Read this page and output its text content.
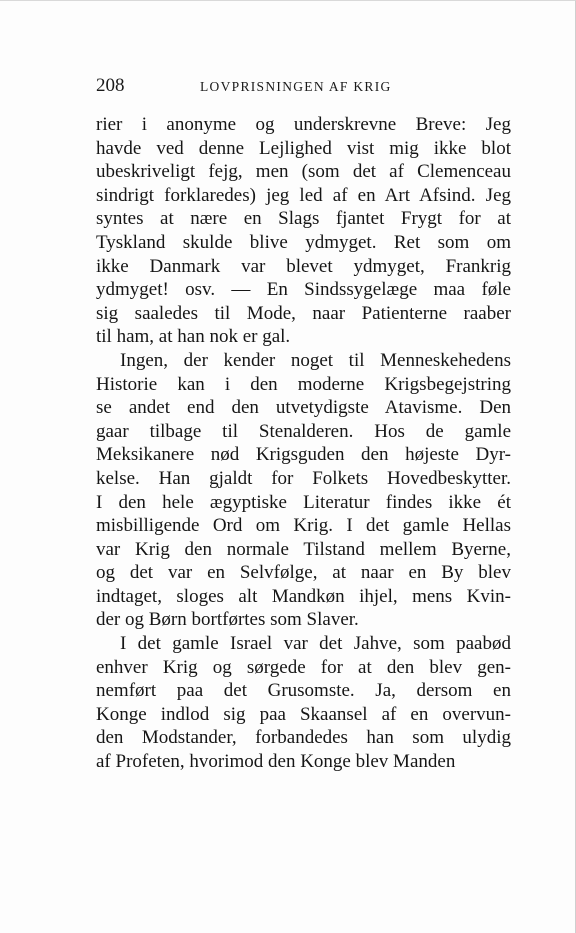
208	LOVPRISNINGEN AF KRIG
rier i anonyme og underskrevne Breve: Jeg
havde ved denne Lejlighed vist mig ikke blot
ubeskriveligt fejg, men (som det af Clemenceau
sindrigt forklaredes) jeg led af en Art Afsind. Jeg
syntes at nære en Slags fjantet Frygt for at
Tyskland skulde blive ydmyget. Ret som om
ikke Danmark var blevet ydmyget, Frankrig
ydmyget! osv. — En Sindssygelæge maa føle
sig saaledes til Mode, naar Patienterne raaber
til ham, at han nok er gal.
Ingen, der kender noget til Menneskehedens
Historie kan i den moderne Krigsbegejstring
se andet end den utvetydigste Atavisme. Den
gaar tilbage til Stenalderen. Hos de gamle
Meksikanere nød Krigsguden den højeste Dyr-
kelse. Han gjaldt for Folkets Hovedbeskytter.
I den hele ægyptiske Literatur findes ikke ét
misbilligende Ord om Krig. I det gamle Hellas
var Krig den normale Tilstand mellem Byerne,
og det var en Selvfølge, at naar en By blev
indtaget, sloges alt Mandkøn ihjel, mens Kvin-
der og Børn bortførtes som Slaver.
I det gamle Israel var det Jahve, som paabød
enhver Krig og sørgede for at den blev gen-
nemført paa det Grusomste. Ja, dersom en
Konge indlod sig paa Skaansel af en overvun-
den Modstander, forbandedes han som ulydig
af Profeten, hvorimod den Konge blev Manden
